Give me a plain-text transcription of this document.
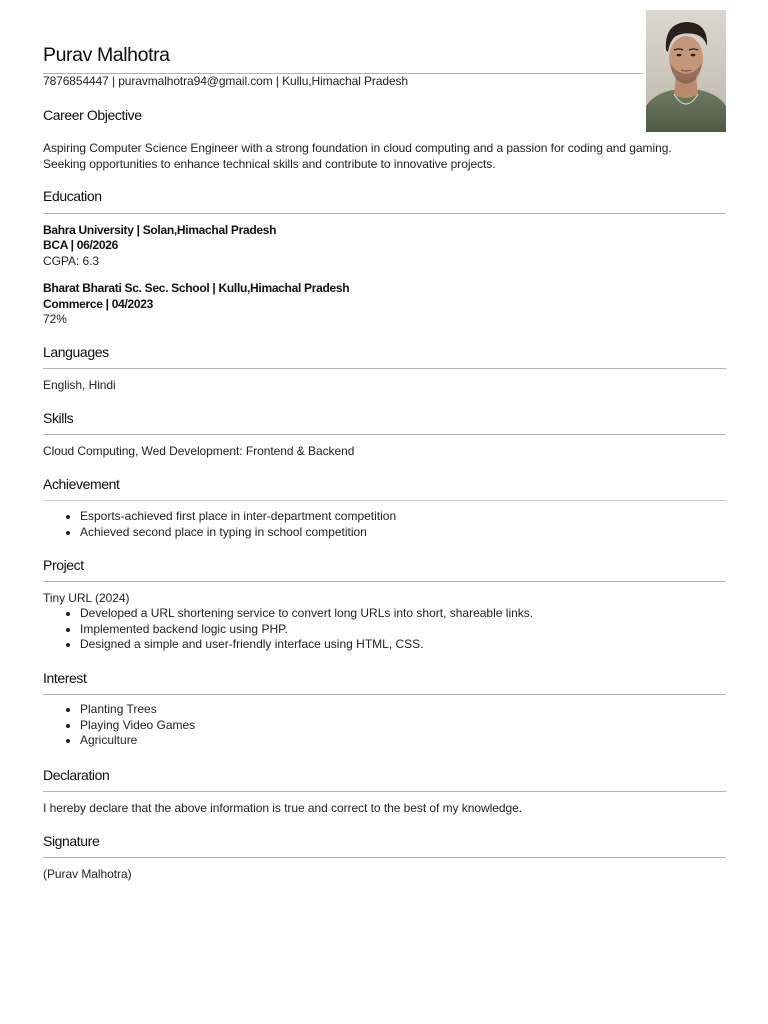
Purav Malhotra
7876854447 | puravmalhotra94@gmail.com | Kullu,Himachal Pradesh
Career Objective
Aspiring Computer Science Engineer with a strong foundation in cloud computing and a passion for coding and gaming.
Seeking opportunities to enhance technical skills and contribute to innovative projects.
Education
Bahra University | Solan,Himachal Pradesh
BCA | 06/2026
CGPA: 6.3
Bharat Bharati Sc. Sec. School | Kullu,Himachal Pradesh
Commerce | 04/2023
72%
Languages
English, Hindi
Skills
Cloud Computing, Wed Development: Frontend & Backend
Achievement
• Esports-achieved first place in inter-department competition
• Achieved second place in typing in school competition
Project
Tiny URL (2024)
• Developed a URL shortening service to convert long URLs into short, shareable links.
• Implemented backend logic using PHP.
• Designed a simple and user-friendly interface using HTML, CSS.
Interest
• Planting Trees
• Playing Video Games
• Agriculture
Declaration
I hereby declare that the above information is true and correct to the best of my knowledge.
Signature
(Purav Malhotra)
